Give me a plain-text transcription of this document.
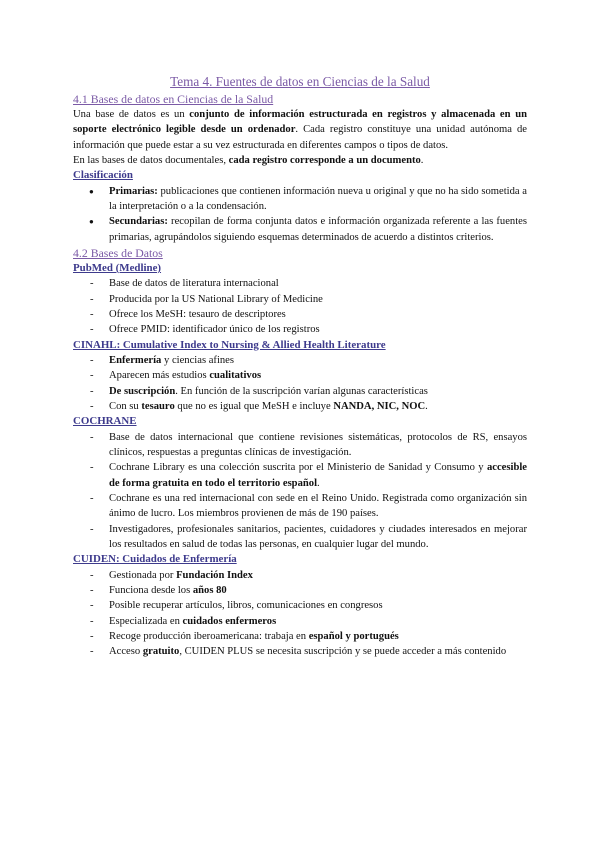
Tema 4. Fuentes de datos en Ciencias de la Salud
4.1 Bases de datos en Ciencias de la Salud

Una base de datos es un conjunto de información estructurada en registros y almacenada en un soporte electrónico legible desde un ordenador. Cada registro constituye una unidad autónoma de información que puede estar a su vez estructurada en diferentes campos o tipos de datos.

En las bases de datos documentales, cada registro corresponde a un documento.

Clasificación
● Primarias: publicaciones que contienen información nueva u original y que no ha sido sometida a la interpretación o a la condensación.
● Secundarias: recopilan de forma conjunta datos e información organizada referente a las fuentes primarias, agrupándolos siguiendo esquemas determinados de acuerdo a distintos criterios.
4.2 Bases de Datos
PubMed (Medline)
- Base de datos de literatura internacional
- Producida por la US National Library of Medicine
- Ofrece los MeSH: tesauro de descriptores
- Ofrece PMID: identificador único de los registros
CINAHL: Cumulative Index to Nursing & Allied Health Literature
- Enfermería y ciencias afines
- Aparecen más estudios cualitativos
- De suscripción. En función de la suscripción varían algunas características
- Con su tesauro que no es igual que MeSH e incluye NANDA, NIC, NOC.
COCHRANE
- Base de datos internacional que contiene revisiones sistemáticas, protocolos de RS, ensayos clínicos, respuestas a preguntas clínicas de investigación.
- Cochrane Library es una colección suscrita por el Ministerio de Sanidad y Consumo y accesible de forma gratuita en todo el territorio español.
- Cochrane es una red internacional con sede en el Reino Unido. Registrada como organización sin ánimo de lucro. Los miembros provienen de más de 190 países.
- Investigadores, profesionales sanitarios, pacientes, cuidadores y ciudades interesados en mejorar los resultados en salud de todas las personas, en cualquier lugar del mundo.
CUIDEN: Cuidados de Enfermería
- Gestionada por Fundación Index
- Funciona desde los años 80
- Posible recuperar artículos, libros, comunicaciones en congresos
- Especializada en cuidados enfermeros
- Recoge producción iberoamericana: trabaja en español y portugués
- Acceso gratuito, CUIDEN PLUS se necesita suscripción y se puede acceder a más contenido
